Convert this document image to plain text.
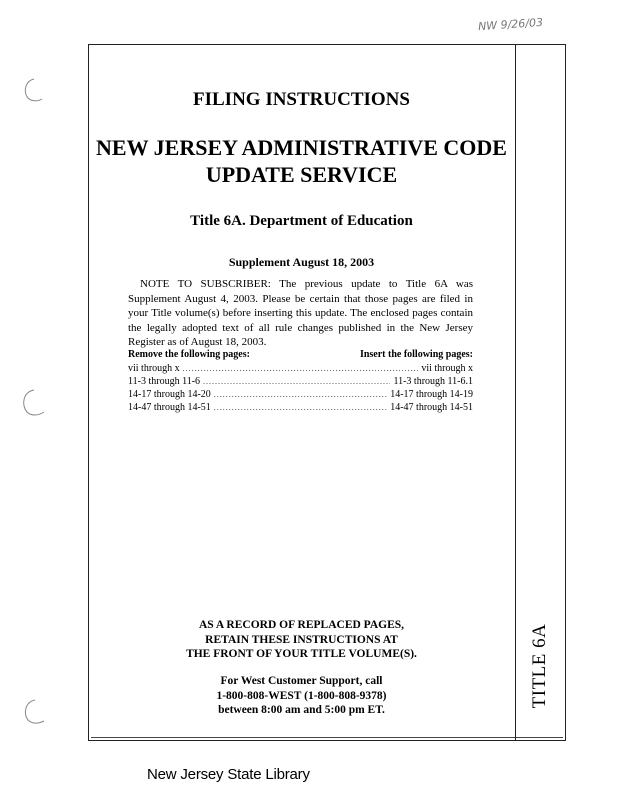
NW 9/26/03
TITLE 6A
FILING INSTRUCTIONS
NEW JERSEY ADMINISTRATIVE CODE
UPDATE SERVICE
Title 6A. Department of Education
Supplement August 18, 2003

NOTE TO SUBSCRIBER: The previous update to Title 6A was Supplement August 4, 2003. Please be certain that those pages are filed in your Title volume(s) before inserting this update. The enclosed pages contain the legally adopted text of all rule changes published in the New Jersey Register as of August 18, 2003.

Remove the following pages:	Insert the following pages:
vii through x .....	vii through x
11-3 through 11-6 .....	11-3 through 11-6.1
14-17 through 14-20 .....	14-17 through 14-19
14-47 through 14-51 .....	14-47 through 14-51
AS A RECORD OF REPLACED PAGES,
RETAIN THESE INSTRUCTIONS AT
THE FRONT OF YOUR TITLE VOLUME(S).
For West Customer Support, call
1-800-808-WEST (1-800-808-9378)
between 8:00 am and 5:00 pm ET.
New Jersey State Library
